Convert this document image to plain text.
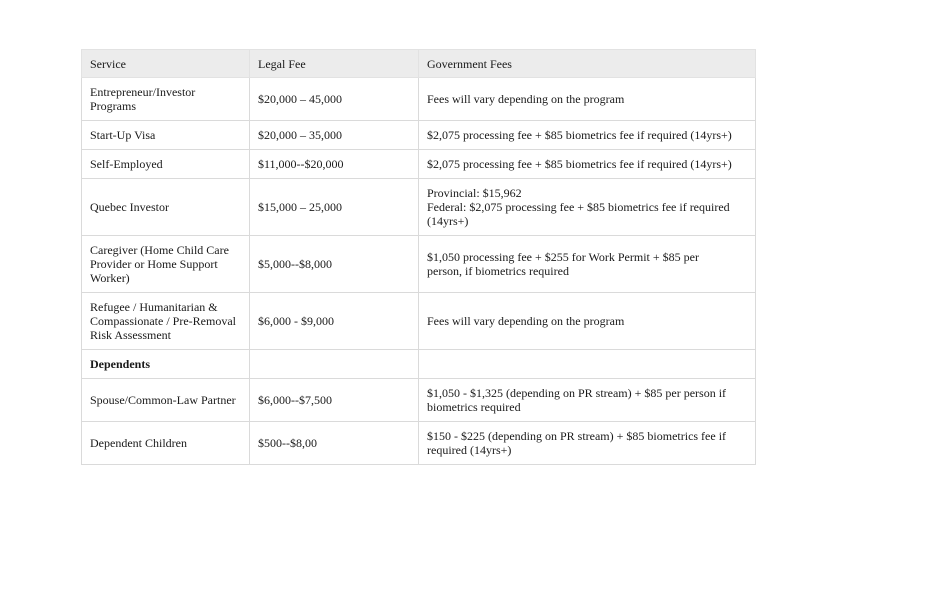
Service	Legal Fee	Government Fees

Entrepreneur/Investor
Programs	$20,000 – 45,000	Fees will vary depending on the program

Start-Up Visa	$20,000 – 35,000	$2,075 processing fee + $85 biometrics fee if required (14yrs+)

Self-Employed	$11,000--$20,000	$2,075 processing fee + $85 biometrics fee if required (14yrs+)

Quebec Investor	$15,000 – 25,000	Provincial: $15,962
Federal: $2,075 processing fee + $85 biometrics fee if required
(14yrs+)

Caregiver (Home Child Care
Provider or Home Support
Worker)	$5,000--$8,000	$1,050 processing fee + $255 for Work Permit + $85 per
person, if biometrics required

Refugee / Humanitarian &
Compassionate / Pre-Removal
Risk Assessment	$6,000 - $9,000	Fees will vary depending on the program

Dependents		

Spouse/Common-Law Partner	$6,000--$7,500	$1,050 - $1,325 (depending on PR stream) + $85 per person if
biometrics required

Dependent Children	$500--$8,00	$150 - $225 (depending on PR stream) + $85 biometrics fee if
required (14yrs+)
